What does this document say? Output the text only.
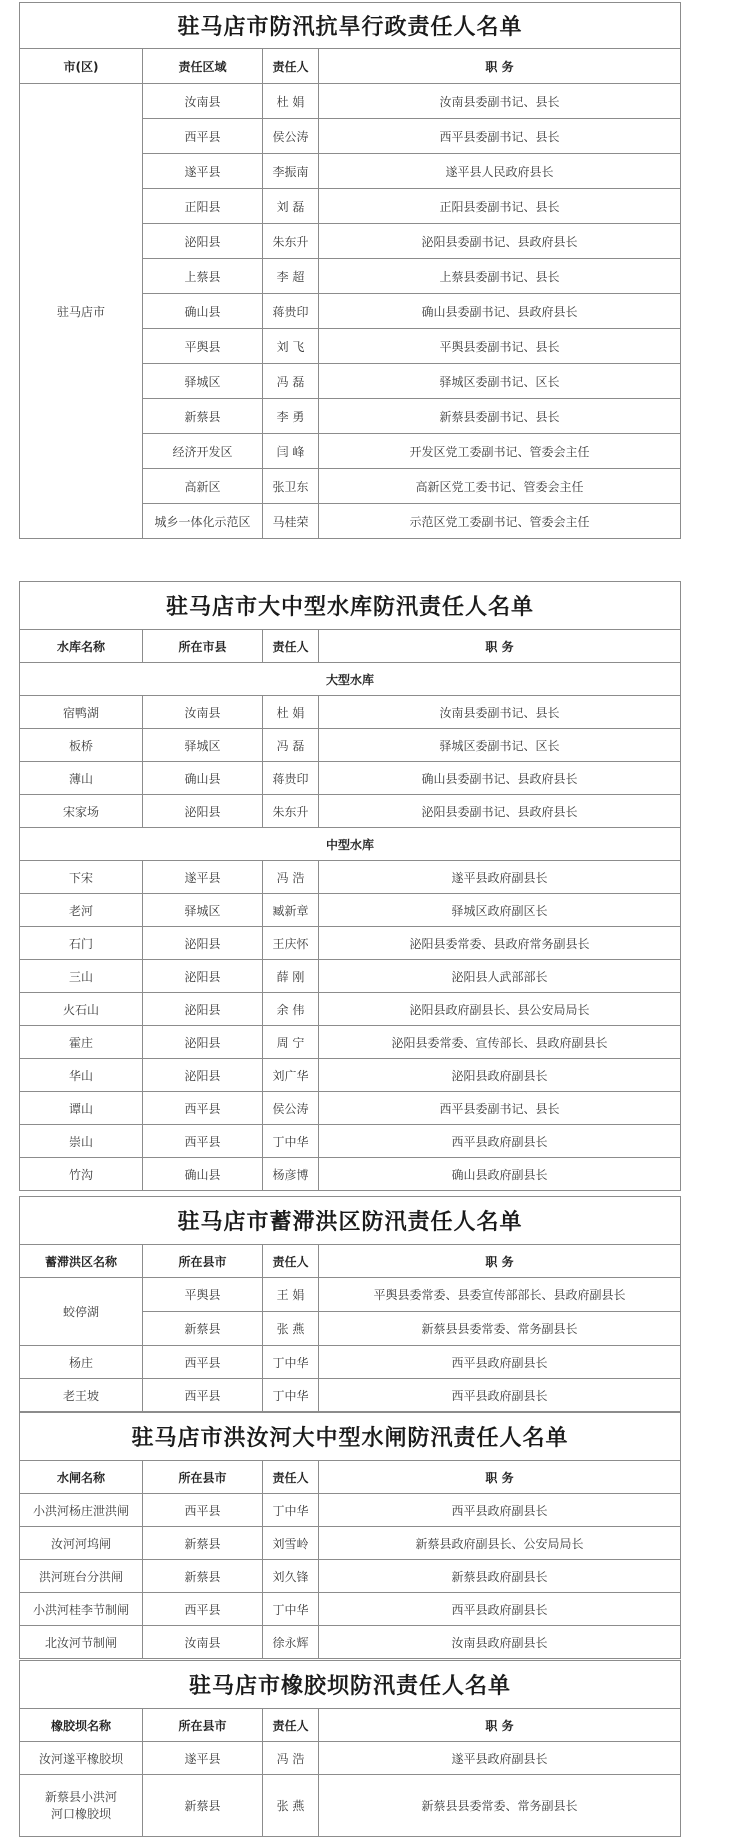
驻马店市防汛抗旱行政责任人名单			
市(区)	责任区域	责任人	职 务
驻马店市	汝南县	杜 娟	汝南县委副书记、县长
	西平县	侯公涛	西平县委副书记、县长
	遂平县	李振南	遂平县人民政府县长
	正阳县	刘 磊	正阳县委副书记、县长
	泌阳县	朱东升	泌阳县委副书记、县政府县长
	上蔡县	李 超	上蔡县委副书记、县长
	确山县	蒋贵印	确山县委副书记、县政府县长
	平舆县	刘 飞	平舆县委副书记、县长
	驿城区	冯 磊	驿城区委副书记、区长
	新蔡县	李 勇	新蔡县委副书记、县长
	经济开发区	闫 峰	开发区党工委副书记、管委会主任
	高新区	张卫东	高新区党工委书记、管委会主任
	城乡一体化示范区	马桂荣	示范区党工委副书记、管委会主任
驻马店市大中型水库防汛责任人名单			
水库名称	所在市县	责任人	职 务
大型水库			
宿鸭湖	汝南县	杜 娟	汝南县委副书记、县长
板桥	驿城区	冯 磊	驿城区委副书记、区长
薄山	确山县	蒋贵印	确山县委副书记、县政府县长
宋家场	泌阳县	朱东升	泌阳县委副书记、县政府县长
中型水库			
下宋	遂平县	冯 浩	遂平县政府副县长
老河	驿城区	臧新章	驿城区政府副区长
石门	泌阳县	王庆怀	泌阳县委常委、县政府常务副县长
三山	泌阳县	薛 刚	泌阳县人武部部长
火石山	泌阳县	余 伟	泌阳县政府副县长、县公安局局长
霍庄	泌阳县	周 宁	泌阳县委常委、宣传部长、县政府副县长
华山	泌阳县	刘广华	泌阳县政府副县长
谭山	西平县	侯公涛	西平县委副书记、县长
崇山	西平县	丁中华	西平县政府副县长
竹沟	确山县	杨彦博	确山县政府副县长
驻马店市蓄滞洪区防汛责任人名单			
蓄滞洪区名称	所在县市	责任人	职 务
蛟停湖	平舆县	王 娟	平舆县委常委、县委宣传部部长、县政府副县长
	新蔡县	张 燕	新蔡县县委常委、常务副县长
杨庄	西平县	丁中华	西平县政府副县长
老王坡	西平县	丁中华	西平县政府副县长
驻马店市洪汝河大中型水闸防汛责任人名单			
水闸名称	所在县市	责任人	职 务
小洪河杨庄泄洪闸	西平县	丁中华	西平县政府副县长
汝河河坞闸	新蔡县	刘雪岭	新蔡县政府副县长、公安局局长
洪河班台分洪闸	新蔡县	刘久锋	新蔡县政府副县长
小洪河桂李节制闸	西平县	丁中华	西平县政府副县长
北汝河节制闸	汝南县	徐永辉	汝南县政府副县长
驻马店市橡胶坝防汛责任人名单			
橡胶坝名称	所在县市	责任人	职 务
汝河遂平橡胶坝	遂平县	冯 浩	遂平县政府副县长
新蔡县小洪河河口橡胶坝	新蔡县	张 燕	新蔡县县委常委、常务副县长
